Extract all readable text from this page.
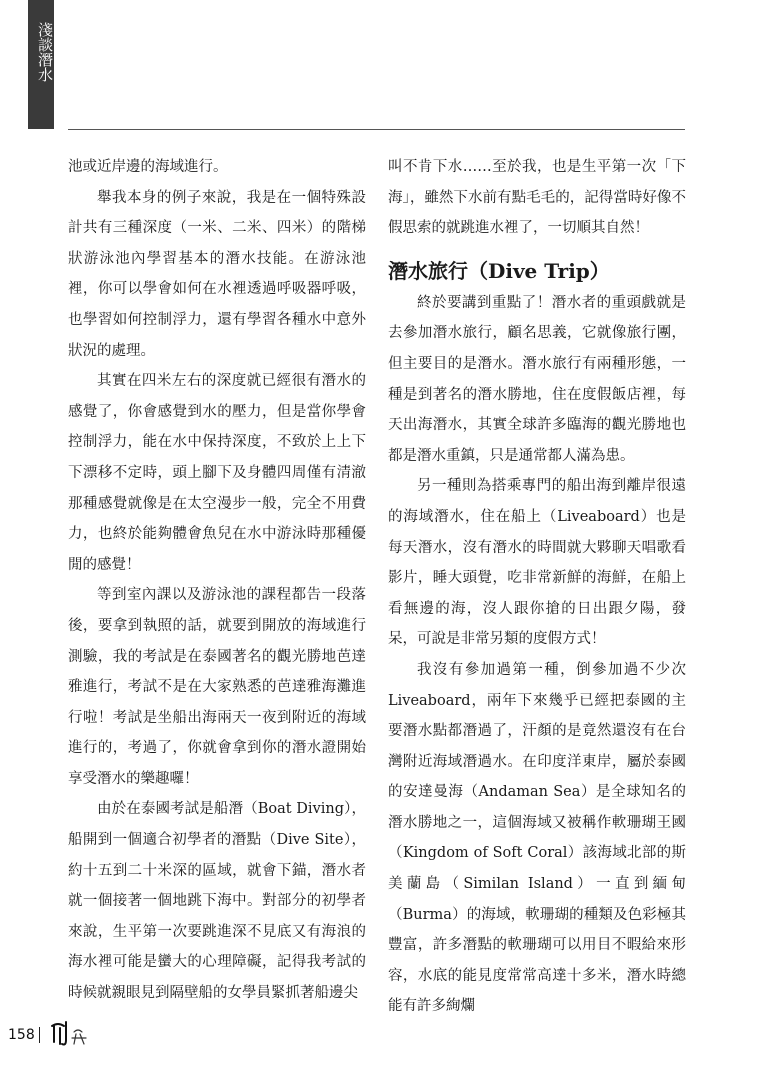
淺談潛水

池或近岸邊的海域進行。

舉我本身的例子來說，我是在一個特殊設計共有三種深度（一米、二米、四米）的階梯狀游泳池內學習基本的潛水技能。在游泳池裡，你可以學會如何在水裡透過呼吸器呼吸，也學習如何控制浮力，還有學習各種水中意外狀況的處理。

其實在四米左右的深度就已經很有潛水的感覺了，你會感覺到水的壓力，但是當你學會控制浮力，能在水中保持深度，不致於上上下下漂移不定時，頭上腳下及身體四周僅有清澈那種感覺就像是在太空漫步一般，完全不用費力，也終於能夠體會魚兒在水中游泳時那種優閒的感覺！

等到室內課以及游泳池的課程都告一段落後，要拿到執照的話，就要到開放的海域進行測驗，我的考試是在泰國著名的觀光勝地芭達雅進行，考試不是在大家熟悉的芭達雅海灘進行啦！考試是坐船出海兩天一夜到附近的海域進行的，考過了，你就會拿到你的潛水證開始享受潛水的樂趣囉！

由於在泰國考試是船潛（Boat Diving），船開到一個適合初學者的潛點（Dive Site），約十五到二十米深的區域，就會下錨，潛水者就一個接著一個地跳下海中。對部分的初學者來說，生平第一次要跳進深不見底又有海浪的海水裡可能是蠻大的心理障礙，記得我考試的時候就親眼見到隔壁船的女學員緊抓著船邊尖

叫不肯下水……至於我，也是生平第一次「下海」，雖然下水前有點毛毛的，記得當時好像不假思索的就跳進水裡了，一切順其自然！

潛水旅行（Dive Trip）

終於要講到重點了！潛水者的重頭戲就是去參加潛水旅行，顧名思義，它就像旅行團，但主要目的是潛水。潛水旅行有兩種形態，一種是到著名的潛水勝地，住在度假飯店裡，每天出海潛水，其實全球許多臨海的觀光勝地也都是潛水重鎮，只是通常都人滿為患。

另一種則為搭乘專門的船出海到離岸很遠的海域潛水，住在船上（Liveaboard）也是每天潛水，沒有潛水的時間就大夥聊天唱歌看影片，睡大頭覺，吃非常新鮮的海鮮，在船上看無邊的海，沒人跟你搶的日出跟夕陽，發呆，可說是非常另類的度假方式！

我沒有參加過第一種，倒參加過不少次Liveaboard，兩年下來幾乎已經把泰國的主要潛水點都潛過了，汗顏的是竟然還沒有在台灣附近海域潛過水。在印度洋東岸，屬於泰國的安達曼海（Andaman Sea）是全球知名的潛水勝地之一，這個海域又被稱作軟珊瑚王國（Kingdom of Soft Coral）該海域北部的斯美蘭島（Similan Island）一直到緬甸（Burma）的海域，軟珊瑚的種類及色彩極其豐富，許多潛點的軟珊瑚可以用目不暇給來形容，水底的能見度常常高達十多米，潛水時總能有許多絢爛

158
